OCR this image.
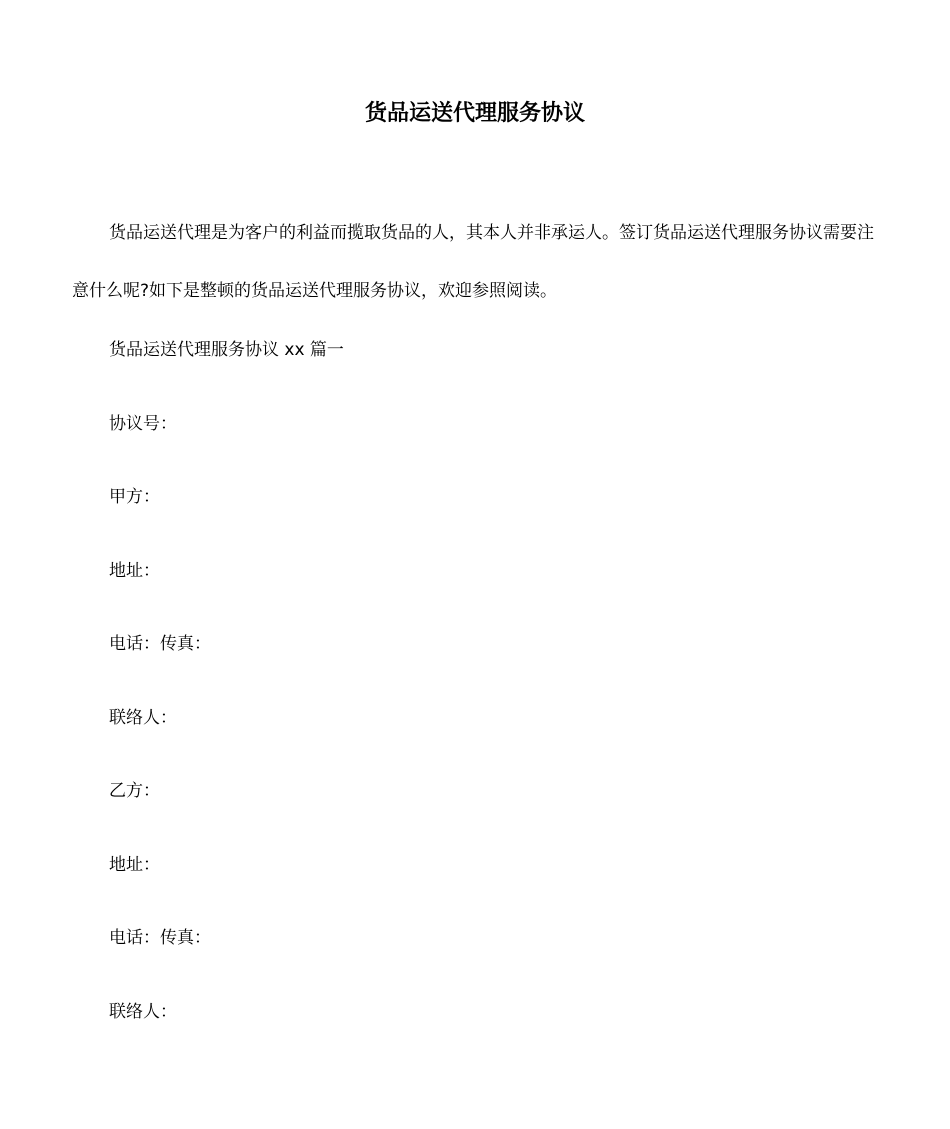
货品运送代理服务协议

货品运送代理是为客户的利益而揽取货品的人，其本人并非承运人。签订货品运送代理服务协议需要注意什么呢?如下是整顿的货品运送代理服务协议，欢迎参照阅读。

货品运送代理服务协议 xx 篇一

协议号：

甲方：

地址：

电话：传真：

联络人：

乙方：

地址：

电话：传真：

联络人：
